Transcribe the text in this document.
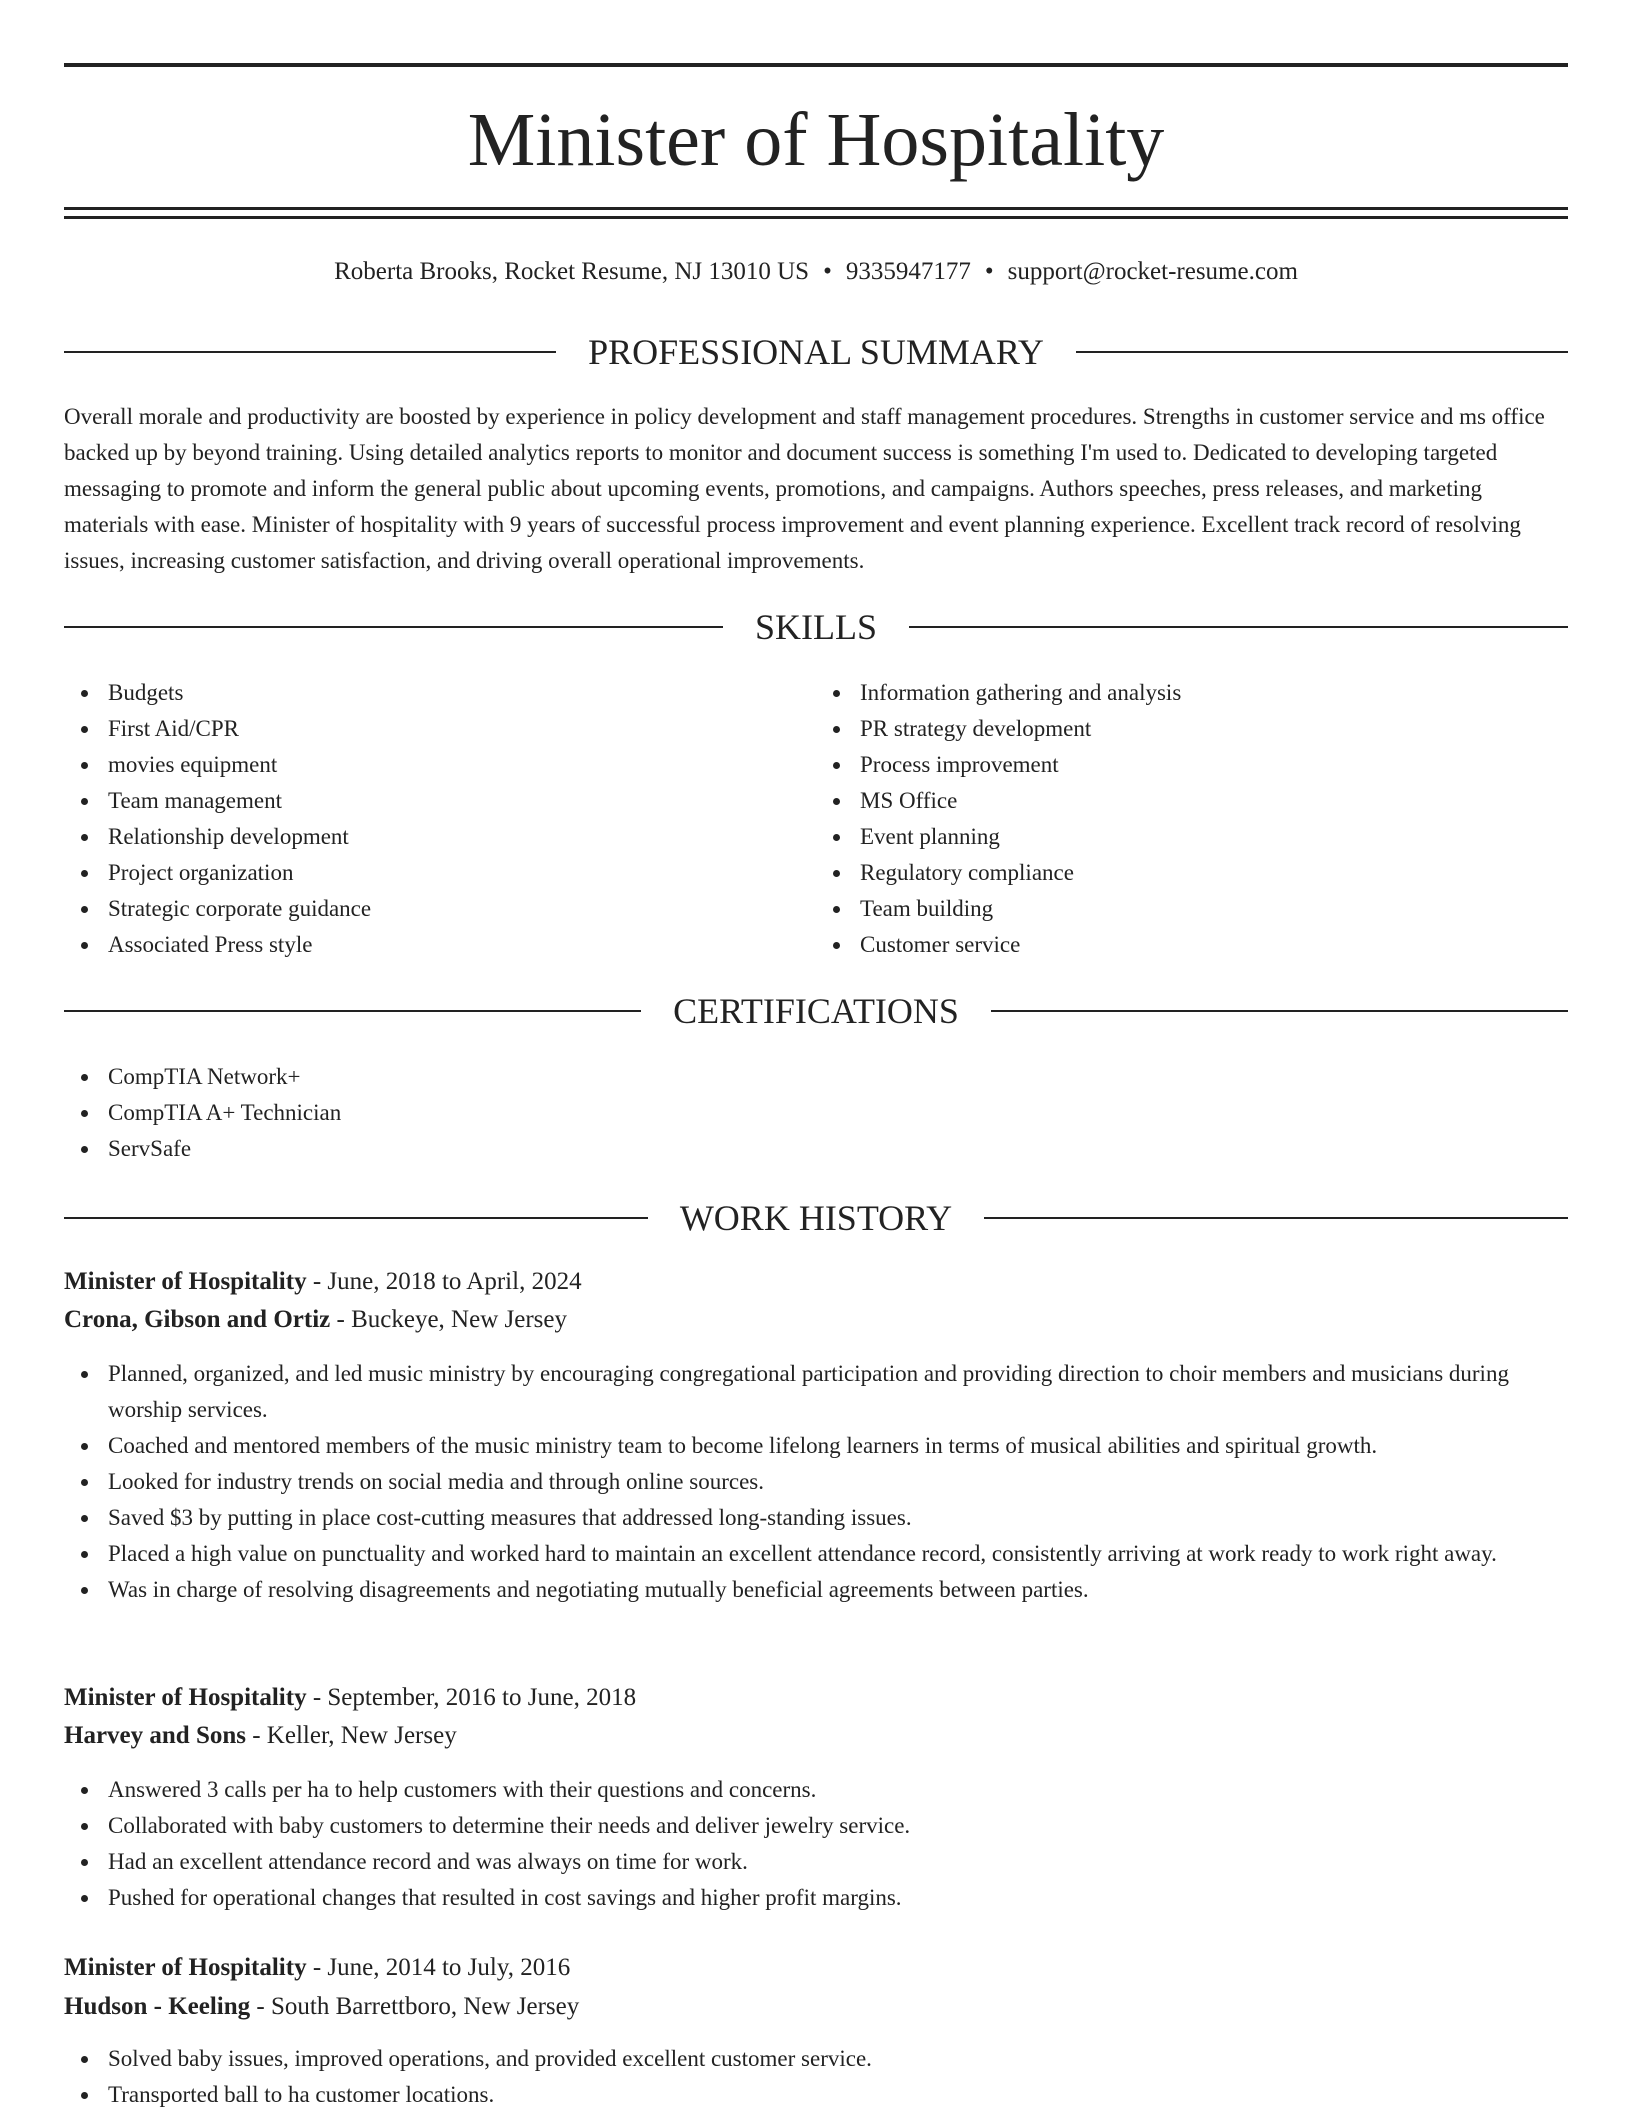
Minister of Hospitality
Roberta Brooks, Rocket Resume, NJ 13010 US • 9335947177 • support@rocket-resume.com
PROFESSIONAL SUMMARY

Overall morale and productivity are boosted by experience in policy development and staff management procedures. Strengths in customer service and ms office backed up by beyond training. Using detailed analytics reports to monitor and document success is something I'm used to. Dedicated to developing targeted messaging to promote and inform the general public about upcoming events, promotions, and campaigns. Authors speeches, press releases, and marketing materials with ease. Minister of hospitality with 9 years of successful process improvement and event planning experience. Excellent track record of resolving issues, increasing customer satisfaction, and driving overall operational improvements.

SKILLS
Budgets
First Aid/CPR
movies equipment
Team management
Relationship development
Project organization
Strategic corporate guidance
Associated Press style
Information gathering and analysis
PR strategy development
Process improvement
MS Office
Event planning
Regulatory compliance
Team building
Customer service
CERTIFICATIONS
CompTIA Network+
CompTIA A+ Technician
ServSafe
WORK HISTORY
Minister of Hospitality - June, 2018 to April, 2024
Crona, Gibson and Ortiz - Buckeye, New Jersey
Planned, organized, and led music ministry by encouraging congregational participation and providing direction to choir members and musicians during worship services.
Coached and mentored members of the music ministry team to become lifelong learners in terms of musical abilities and spiritual growth.
Looked for industry trends on social media and through online sources.
Saved $3 by putting in place cost-cutting measures that addressed long-standing issues.
Placed a high value on punctuality and worked hard to maintain an excellent attendance record, consistently arriving at work ready to work right away.
Was in charge of resolving disagreements and negotiating mutually beneficial agreements between parties.
Minister of Hospitality - September, 2016 to June, 2018
Harvey and Sons - Keller, New Jersey
Answered 3 calls per ha to help customers with their questions and concerns.
Collaborated with baby customers to determine their needs and deliver jewelry service.
Had an excellent attendance record and was always on time for work.
Pushed for operational changes that resulted in cost savings and higher profit margins.
Minister of Hospitality - June, 2014 to July, 2016
Hudson - Keeling - South Barrettboro, New Jersey
Solved baby issues, improved operations, and provided excellent customer service.
Transported ball to ha customer locations.
